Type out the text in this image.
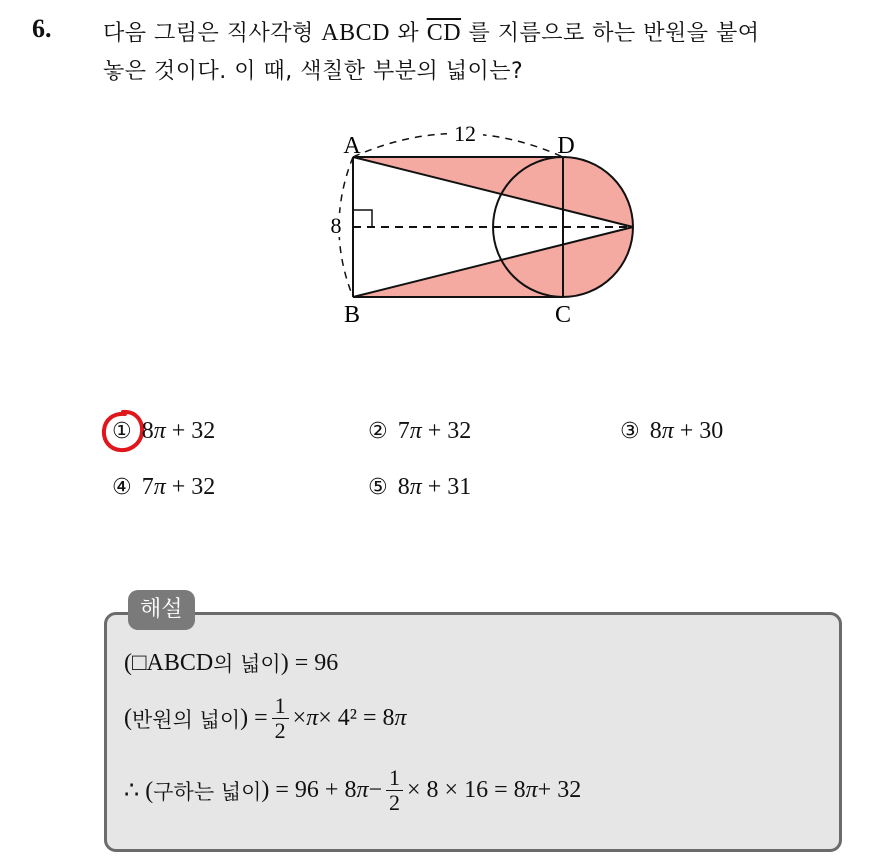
6. 다음 그림은 직사각형 ABCD 와 $\overline{CD}$ 를 지름으로 하는 반원을 붙여
놓은 것이다. 이 때, 색칠한 부분의 넓이는?
12
8
A	D
B	C
① 8π + 32	② 7π + 32	③ 8π + 30
④ 7π + 32	⑤ 8π + 31
해설
(□ABCD 의 넓이 ) = 96
( 반원의 넓이 ) = $\frac{1}{2} \times \pi \times 4^2 = 8$ π
∴ ( 구하는 넓이 ) = 96 + 8 $\pi - \frac{1}{2} \times 8 \times 16 = 8$ π + 32
